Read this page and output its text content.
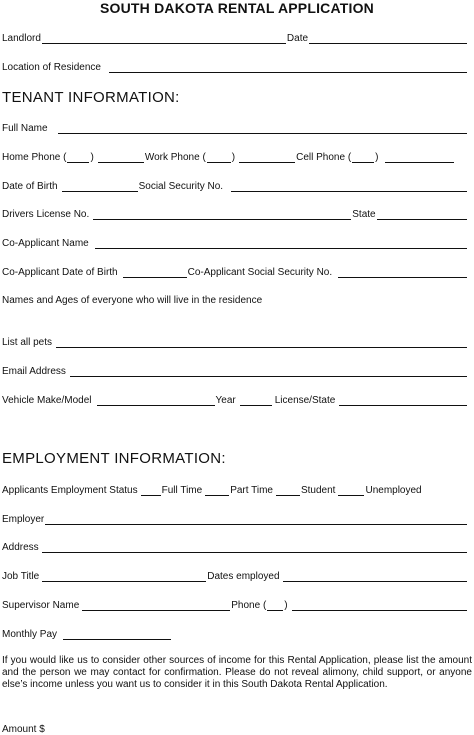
SOUTH DAKOTA RENTAL APPLICATION
Landlord	Date
Location of Residence
TENANT INFORMATION:
Full Name
Home Phone ( )	Work Phone (	)	Cell Phone ( )
Date of Birth	Social Security No.
Drivers License No.	State
Co-Applicant Name
Co-Applicant Date of Birth	Co-Applicant Social Security No.
Names and Ages of everyone who will live in the residence
List all pets
Email Address
Vehicle Make/Model	Year	License/State
EMPLOYMENT INFORMATION:
Applicants Employment Status Full Time	Part Time	Student	Unemployed
Employer
Address
Job Title	Dates employed
Supervisor Name	Phone ( )
Monthly Pay
If you would like us to consider other sources of income for this Rental Application, please list the amount and the person we may contact for confirmation. Please do not reveal alimony, child support, or anyone else’s income unless you want us to consider it in this South Dakota Rental Application.
Amount $
